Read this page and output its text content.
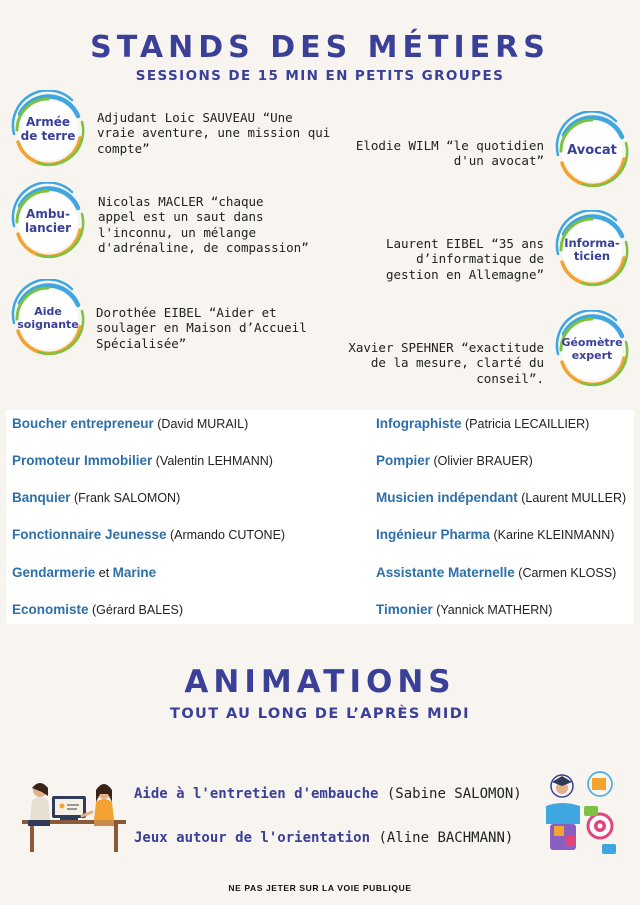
STANDS DES MÉTIERS
SESSIONS DE 15 MIN EN PETITS GROUPES
Armée
de terre
Adjudant Loic SAUVEAU “Une
vraie aventure, une mission qui
compte”
Ambu-
lancier
Nicolas MACLER “chaque
appel est un saut dans
l'inconnu, un mélange
d'adrénaline, de compassion”
Aide
soignante
Dorothée EIBEL “Aider et
soulager en Maison d’Accueil
Spécialisée”
Avocat
Elodie WILM “le quotidien
d'un avocat”
Informa-
ticien
Laurent EIBEL “35 ans
d’informatique de
gestion en Allemagne”
Géomètre
expert
Xavier SPEHNER “exactitude
de la mesure, clarté du
conseil”.
Boucher entrepreneur (David MURAIL)
Promoteur Immobilier (Valentin LEHMANN)
Banquier (Frank SALOMON)
Fonctionnaire Jeunesse (Armando CUTONE)
Gendarmerie et Marine
Economiste (Gérard BALES)
Infographiste (Patricia LECAILLIER)
Pompier (Olivier BRAUER)
Musicien indépendant (Laurent MULLER)
Ingénieur Pharma (Karine KLEINMANN)
Assistante Maternelle (Carmen KLOSS)
Timonier (Yannick MATHERN)
ANIMATIONS
TOUT AU LONG DE L’APRÈS MIDI
Aide à l'entretien d'embauche (Sabine SALOMON)
Jeux autour de l'orientation (Aline BACHMANN)
NE PAS JETER SUR LA VOIE PUBLIQUE
